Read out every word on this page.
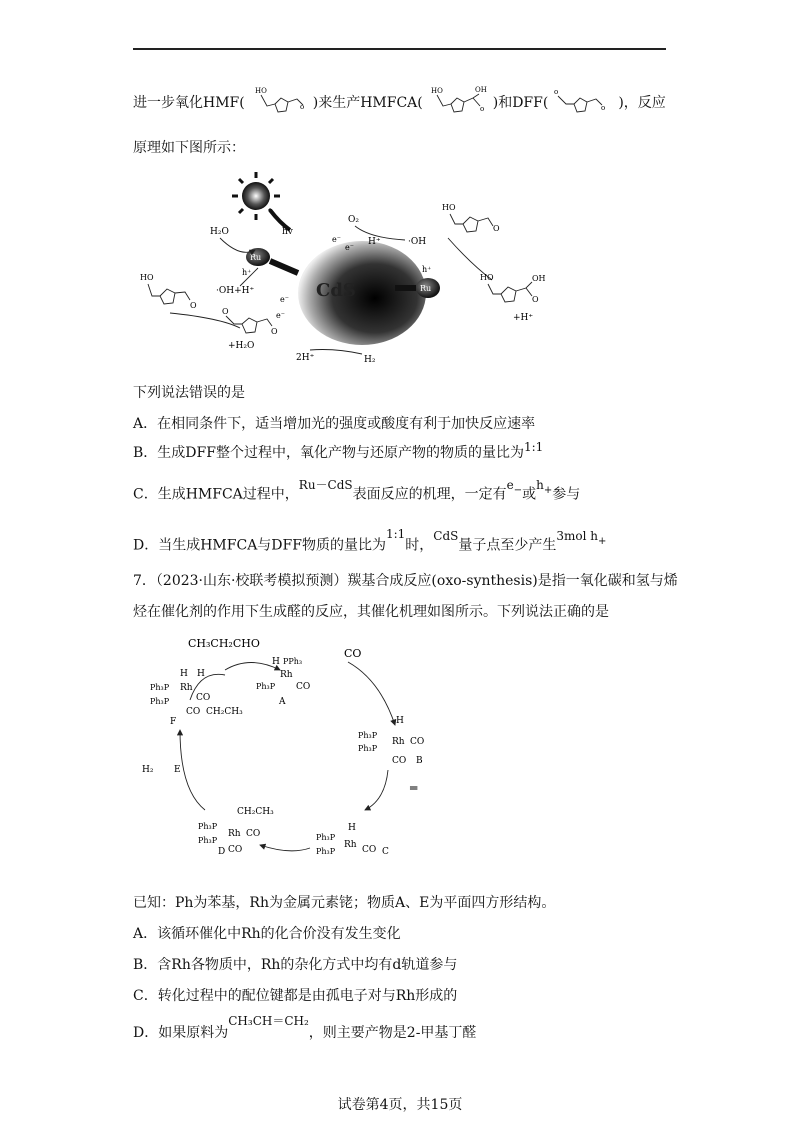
进一步氧化HMF(
HO
o )来生产HMFCA(
HO	OH
o )和DFF(
o
o )，反应
原理如下图所示：
hv
CdS
Ru
Ru
H₂O
h⁺
·OH+H⁺
e⁻
e⁻
HO
O
O
O
+H₂O
O₂
e⁻
e⁻
H⁺	·OH
h⁺
2H⁺	H₂
HO
O
HO	OH
O
+H⁺
下列说法错误的是
A．在相同条件下，适当增加光的强度或酸度有利于加快反应速率
B．生成DFF整个过程中，氧化产物与还原产物的物质的量比为1:1
C．生成HMFCA过程中，Ru－CdS表面反应的机理，一定有e−或h+参与
D．当生成HMFCA与DFF物质的量比为1:1时，CdS量子点至少产生3mol h+
7．（2023·山东·校联考模拟预测）羰基合成反应(oxo-synthesis)是指一氧化碳和氢与烯
烃在催化剂的作用下生成醛的反应，其催化机理如图所示。下列说法正确的是
CH₃CH₂CHO
CO
H PPh₃
Rh
Ph₃P CO
A
H
Ph₃P
Rh CO
Ph₃P
CO B
═
H
Ph₃P
Rh CO
Ph₃P	C
CH₂CH₃
Ph₃P
Rh CO
Ph₃P
CO
D
H₂ E
H H
Ph₃P Rh
Ph₃P	CO
CO CH₂CH₃
F
已知：Ph为苯基，Rh为金属元素铑；物质A、E为平面四方形结构。
A．该循环催化中Rh的化合价没有发生变化
B．含Rh各物质中，Rh的杂化方式中均有d轨道参与
C．转化过程中的配位键都是由孤电子对与Rh形成的
D．如果原料为CH₃CH＝CH₂，则主要产物是2-甲基丁醛
试卷第4页，共15页
